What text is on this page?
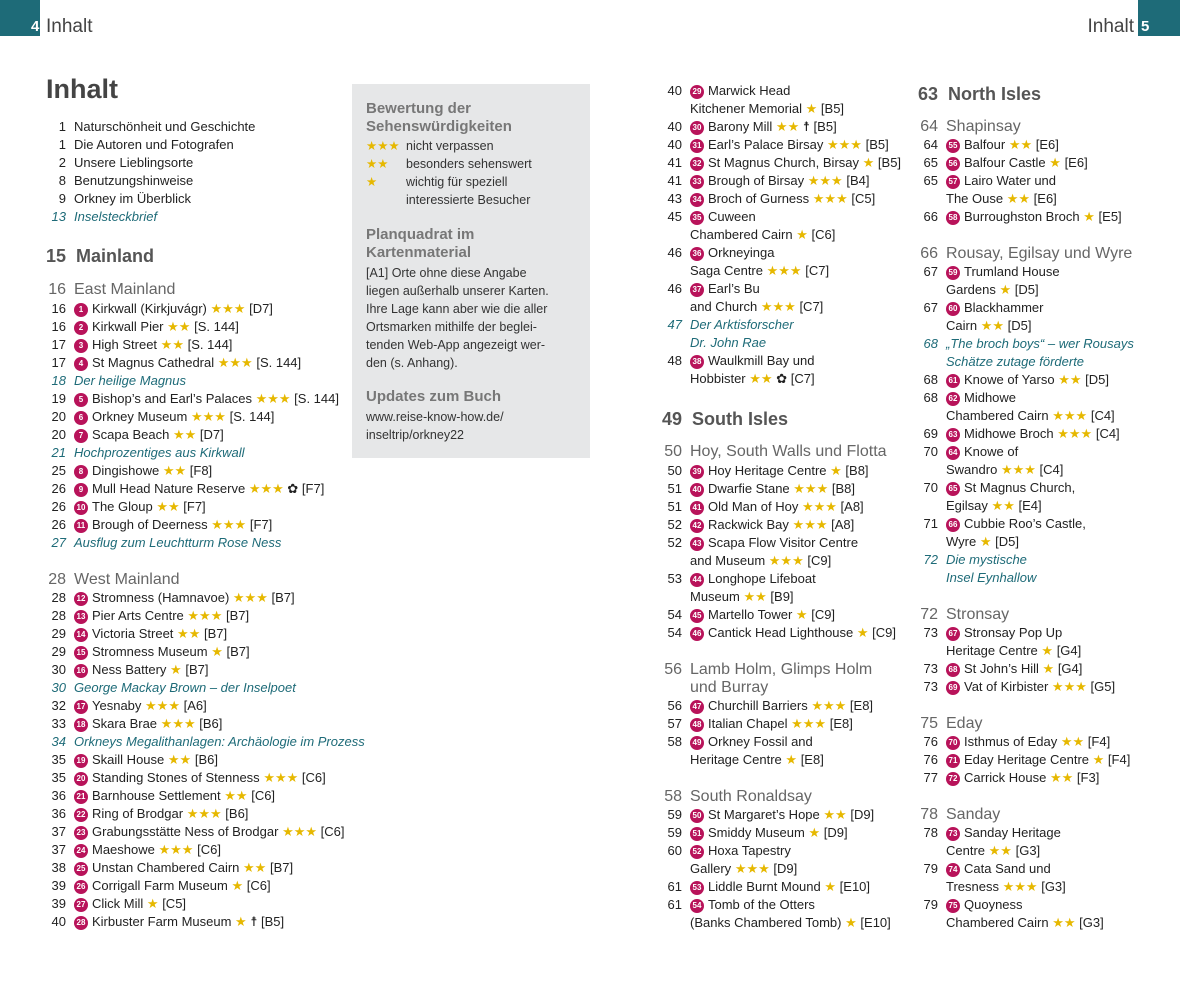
4 Inhalt	Inhalt 5
Inhalt
1 Naturschönheit und Geschichte
1 Die Autoren und Fotografen
2 Unsere Lieblingsorte
8 Benutzungshinweise
9 Orkney im Überblick
13 Inselsteckbrief
Bewertung der
Sehenswürdigkeiten
★★★ nicht verpassen
★★ besonders sehenswert
★ wichtig für speziell
interessierte Besucher
Planquadrat im
Kartenmaterial
[A1] Orte ohne diese Angabe
liegen außerhalb unserer Karten.
Ihre Lage kann aber wie die aller
Ortsmarken mithilfe der beglei-
tenden Web-App angezeigt wer-
den (s. Anhang).
Updates zum Buch
www.reise-know-how.de/
inseltrip/orkney22
15 Mainland
16 East Mainland
16	1 Kirkwall (Kirkjuvágr) ★★★ [D7]
16	2 Kirkwall Pier ★★ [S. 144]
17	3 High Street ★★ [S. 144]
17	4 St Magnus Cathedral ★★★ [S. 144]
18 Der heilige Magnus
19	5 Bishop’s and Earl’s Palaces ★★★ [S. 144]
20	6 Orkney Museum ★★★ [S. 144]
20	7 Scapa Beach ★★ [D7]
21 Hochprozentiges aus Kirkwall
25	8 Dingishowe ★★ [F8]
26	9 Mull Head Nature Reserve ★★★ ✿ [F7]
26	10 The Gloup ★★ [F7]
26	11 Brough of Deerness ★★★ [F7]
27 Ausflug zum Leuchtturm Rose Ness
28 West Mainland
28	12 Stromness (Hamnavoe) ★★★ [B7]
28	13 Pier Arts Centre ★★★ [B7]
29	14 Victoria Street ★★ [B7]
29	15 Stromness Museum ★ [B7]
30	16 Ness Battery ★ [B7]
30 George Mackay Brown – der Inselpoet
32	17 Yesnaby ★★★ [A6]
33	18 Skara Brae ★★★ [B6]
34 Orkneys Megalithanlagen: Archäologie im Prozess
35	19 Skaill House ★★ [B6]
35	20 Standing Stones of Stenness ★★★ [C6]
36	21 Barnhouse Settlement ★★ [C6]
36	22 Ring of Brodgar ★★★ [B6]
37	23 Grabungsstätte Ness of Brodgar ★★★ [C6]
37	24 Maeshowe ★★★ [C6]
38	25 Unstan Chambered Cairn ★★ [B7]
39	26 Corrigall Farm Museum ★ [C6]
39	27 Click Mill ★ [C5]
40	28 Kirbuster Farm Museum ★ ☨ [B5]
40	29 Marwick Head
Kitchener Memorial ★ [B5]
40	30 Barony Mill ★★ ☨ [B5]
40	31 Earl’s Palace Birsay ★★★ [B5]
41	32 St Magnus Church, Birsay ★ [B5]
41	33 Brough of Birsay ★★★ [B4]
43	34 Broch of Gurness ★★★ [C5]
45	35 Cuween
Chambered Cairn ★ [C6]
46	36 Orkneyinga
Saga Centre ★★★ [C7]
46	37 Earl’s Bu
and Church ★★★ [C7]
47 Der Arktisforscher
Dr. John Rae
48	38 Waulkmill Bay und
Hobbister ★★ ✿ [C7]
49 South Isles
50 Hoy, South Walls und Flotta
50	39 Hoy Heritage Centre ★ [B8]
51	40 Dwarfie Stane ★★★ [B8]
51	41 Old Man of Hoy ★★★ [A8]
52	42 Rackwick Bay ★★★ [A8]
52	43 Scapa Flow Visitor Centre
and Museum ★★★ [C9]
53	44 Longhope Lifeboat
Museum ★★ [B9]
54	45 Martello Tower ★ [C9]
54	46 Cantick Head Lighthouse ★ [C9]
56 Lamb Holm, Glimps Holm
und Burray
56	47 Churchill Barriers ★★★ [E8]
57	48 Italian Chapel ★★★ [E8]
58	49 Orkney Fossil and
Heritage Centre ★ [E8]
58 South Ronaldsay
59	50 St Margaret’s Hope ★★ [D9]
59	51 Smiddy Museum ★ [D9]
60	52 Hoxa Tapestry
Gallery ★★★ [D9]
61	53 Liddle Burnt Mound ★ [E10]
61	54 Tomb of the Otters
(Banks Chambered Tomb) ★ [E10]
63 North Isles
64 Shapinsay
64	55 Balfour ★★ [E6]
65	56 Balfour Castle ★ [E6]
65	57 Lairo Water und
The Ouse ★★ [E6]
66	58 Burroughston Broch ★ [E5]
66 Rousay, Egilsay und Wyre
67	59 Trumland House
Gardens ★ [D5]
67	60 Blackhammer
Cairn ★★ [D5]
68 „The broch boys“ – wer Rousays
Schätze zutage förderte
68	61 Knowe of Yarso ★★ [D5]
68	62 Midhowe
Chambered Cairn ★★★ [C4]
69	63 Midhowe Broch ★★★ [C4]
70	64 Knowe of
Swandro ★★★ [C4]
70	65 St Magnus Church,
Egilsay ★★ [E4]
71	66 Cubbie Roo’s Castle,
Wyre ★ [D5]
72 Die mystische
Insel Eynhallow
72 Stronsay
73	67 Stronsay Pop Up
Heritage Centre ★ [G4]
73	68 St John’s Hill ★ [G4]
73	69 Vat of Kirbister ★★★ [G5]
75 Eday
76	70 Isthmus of Eday ★★ [F4]
76	71 Eday Heritage Centre ★ [F4]
77	72 Carrick House ★★ [F3]
78 Sanday
78	73 Sanday Heritage
Centre ★★ [G3]
79	74 Cata Sand und
Tresness ★★★ [G3]
79	75 Quoyness
Chambered Cairn ★★ [G3]
